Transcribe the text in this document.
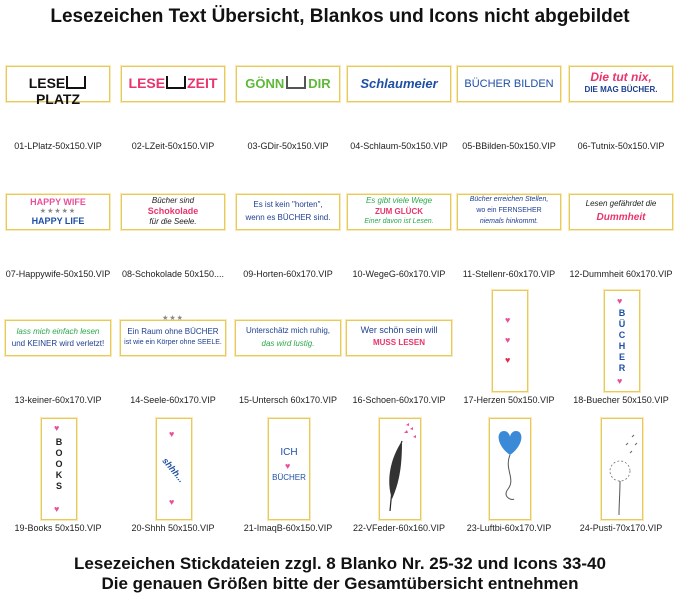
Lesezeichen Text Übersicht, Blankos und Icons nicht abgebildet
LESEPLATZ
01-LPlatz-50x150.VIP
LESE ZEIT
02-LZeit-50x150.VIP
GÖNN DIR
03-GDir-50x150.VIP
Schlaumeier
04-Schlaum-50x150.VIP
BÜCHER BILDEN
05-BBilden-50x150.VIP
Die tut nix,
DIE MAG BÜCHER.
06-Tutnix-50x150.VIP
HAPPY WIFE
★★★★★
HAPPY LIFE
07-Happywife-50x150.VIP
Bücher sind
Schokolade
für die Seele.
08-Schokolade 50x150....
Es ist kein "horten",
wenn es BÜCHER sind.
09-Horten-60x170.VIP
Es gibt viele Wege
ZUM GLÜCK
Einer davon ist Lesen.
10-WegeG-60x170.VIP
Bücher erreichen Stellen,
wo ein FERNSEHER
niemals hinkommt.
11-Stellenr-60x170.VIP
Lesen gefährdet die
Dummheit
12-Dummheit 60x170.VIP
lass mich einfach lesen
und KEINER wird verletzt!
13-keiner-60x170.VIP
★★★
Ein Raum ohne BÜCHER
ist wie ein Körper ohne SEELE.
14-Seele-60x170.VIP
Unterschätz mich ruhig,
das wird lustig.
15-Untersch 60x170.VIP
Wer schön sein will
MUSS LESEN
16-Schoen-60x170.VIP
♥
♥
♥
17-Herzen 50x150.VIP
♥
BÜCHER
♥
18-Buecher 50x150.VIP
♥
BOOKS
♥
19-Books 50x150.VIP
♥
shhh...
♥
20-Shhh 50x150.VIP
ICH
♥
BÜCHER
21-ImaqB-60x150.VIP	22-VFeder-60x160.VIP	23-Luftbi-60x170.VIP	24-Pusti-70x170.VIP
Lesezeichen Stickdateien zzgl. 8 Blanko Nr. 25-32 und Icons 33-40
Die genauen Größen bitte der Gesamtübersicht entnehmen
